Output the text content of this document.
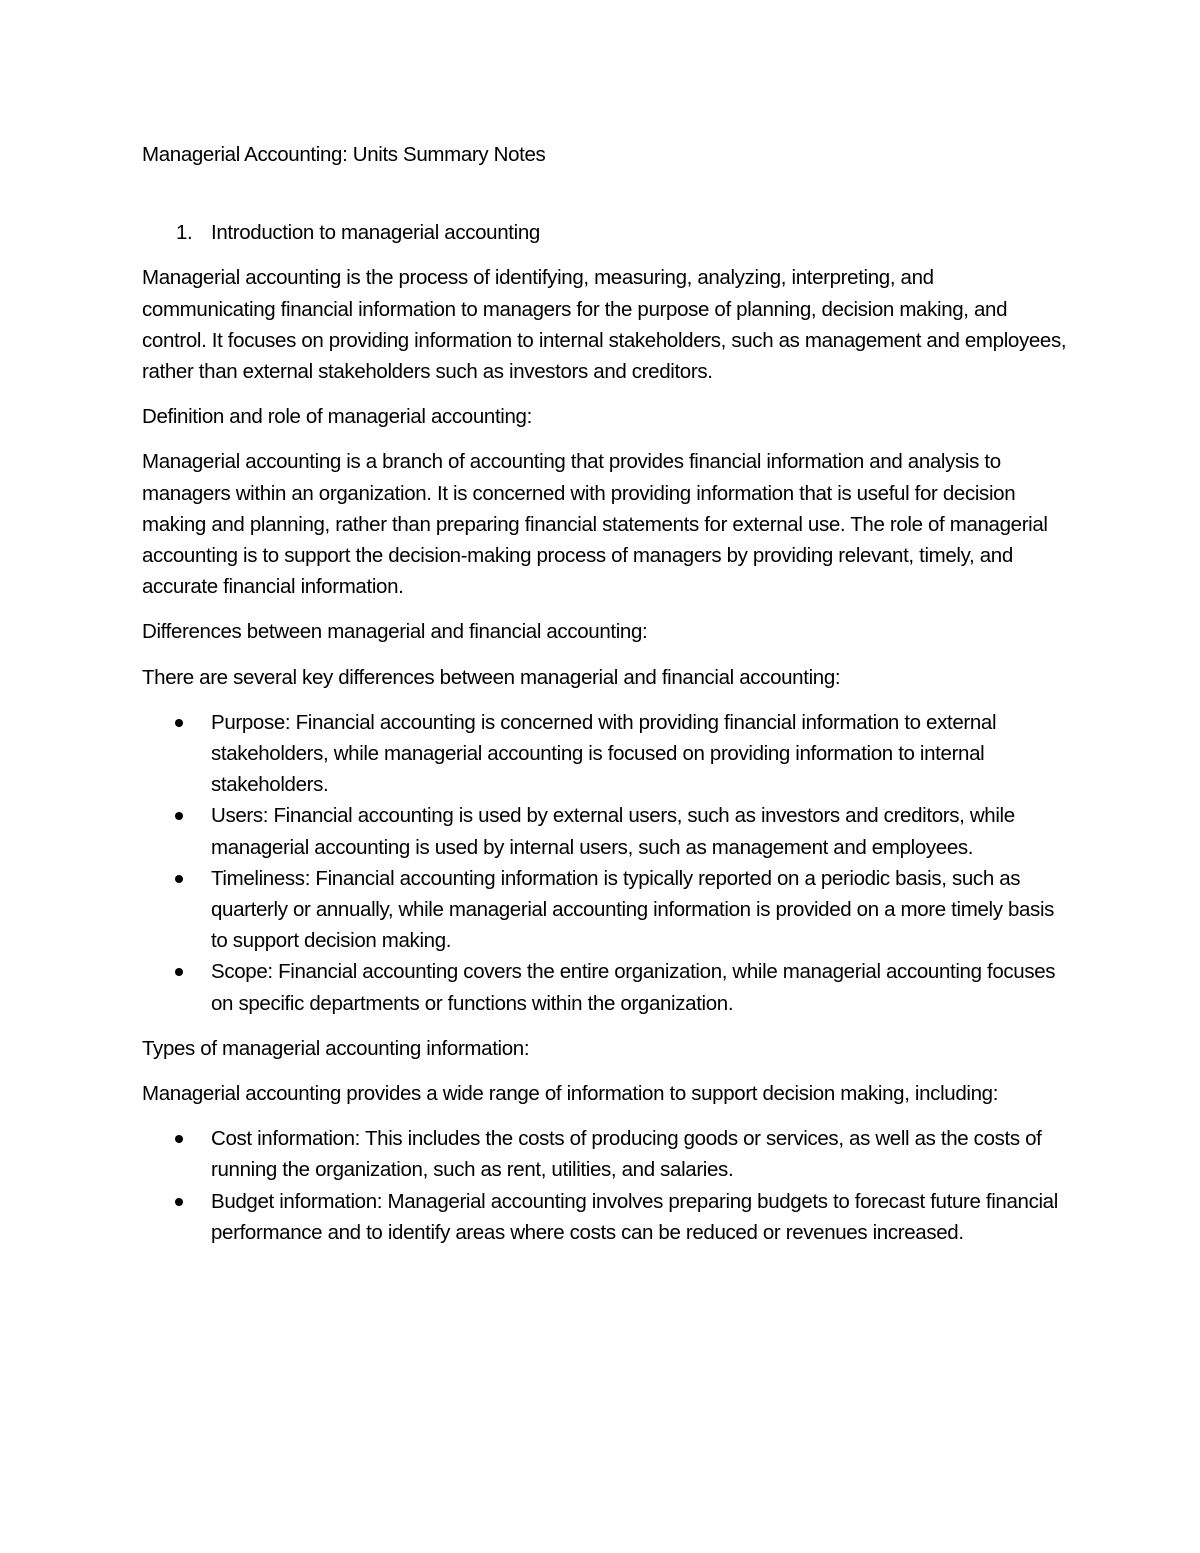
Managerial Accounting: Units Summary Notes
1. Introduction to managerial accounting

Managerial accounting is the process of identifying, measuring, analyzing, interpreting, and communicating financial information to managers for the purpose of planning, decision making, and control. It focuses on providing information to internal stakeholders, such as management and employees, rather than external stakeholders such as investors and creditors.

Definition and role of managerial accounting:

Managerial accounting is a branch of accounting that provides financial information and analysis to managers within an organization. It is concerned with providing information that is useful for decision making and planning, rather than preparing financial statements for external use. The role of managerial accounting is to support the decision-making process of managers by providing relevant, timely, and accurate financial information.

Differences between managerial and financial accounting:

There are several key differences between managerial and financial accounting:

Purpose: Financial accounting is concerned with providing financial information to external stakeholders, while managerial accounting is focused on providing information to internal stakeholders.
Users: Financial accounting is used by external users, such as investors and creditors, while managerial accounting is used by internal users, such as management and employees.
Timeliness: Financial accounting information is typically reported on a periodic basis, such as quarterly or annually, while managerial accounting information is provided on a more timely basis to support decision making.
Scope: Financial accounting covers the entire organization, while managerial accounting focuses on specific departments or functions within the organization.

Types of managerial accounting information:

Managerial accounting provides a wide range of information to support decision making, including:

Cost information: This includes the costs of producing goods or services, as well as the costs of running the organization, such as rent, utilities, and salaries.
Budget information: Managerial accounting involves preparing budgets to forecast future financial performance and to identify areas where costs can be reduced or revenues increased.
